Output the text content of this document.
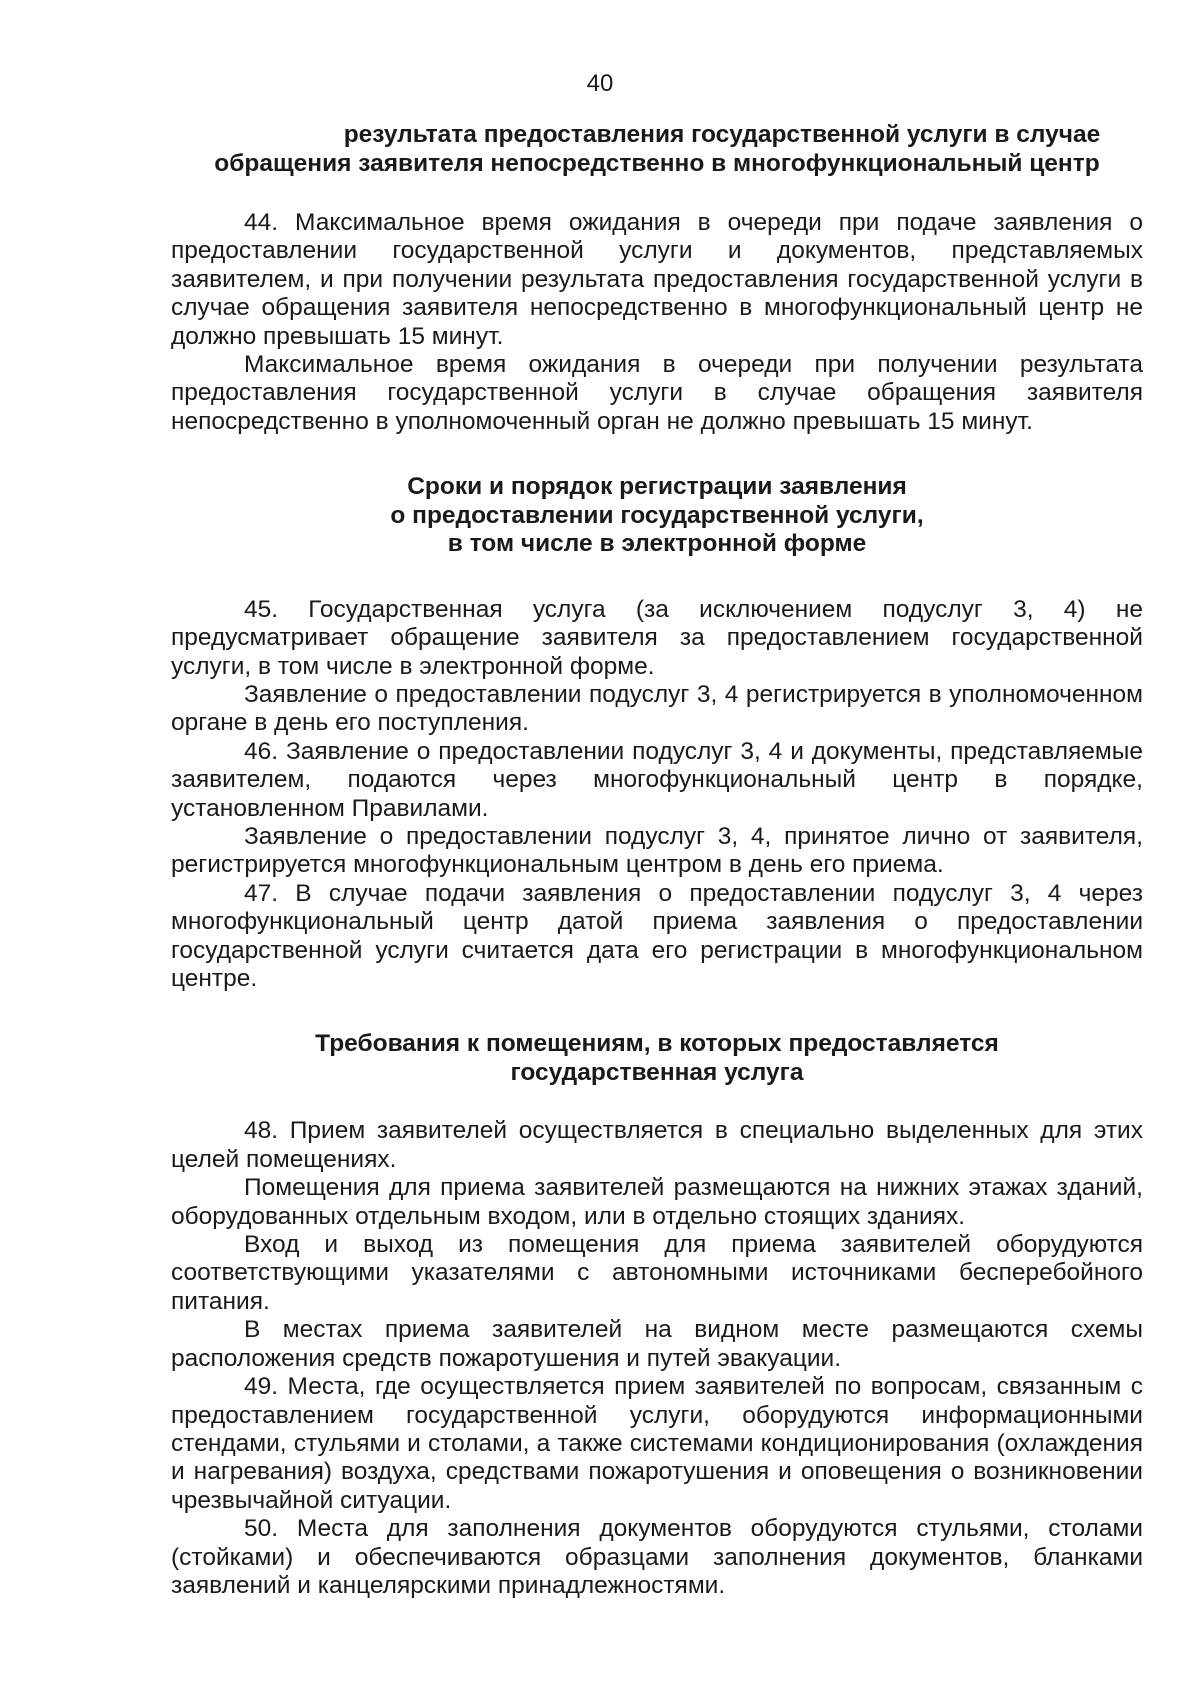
40
результата предоставления государственной услуги в случае
обращения заявителя непосредственно в многофункциональный центр

44. Максимальное время ожидания в очереди при подаче заявления о предоставлении государственной услуги и документов, представляемых заявителем, и при получении результата предоставления государственной услуги в случае обращения заявителя непосредственно в многофункциональный центр не должно превышать 15 минут.

Максимальное время ожидания в очереди при получении результата предоставления государственной услуги в случае обращения заявителя непосредственно в уполномоченный орган не должно превышать 15 минут.

Сроки и порядок регистрации заявления
о предоставлении государственной услуги,
в том числе в электронной форме

45. Государственная услуга (за исключением подуслуг 3, 4) не предусматривает обращение заявителя за предоставлением государственной услуги, в том числе в электронной форме.

Заявление о предоставлении подуслуг 3, 4 регистрируется в уполномоченном органе в день его поступления.

46. Заявление о предоставлении подуслуг 3, 4 и документы, представляемые заявителем, подаются через многофункциональный центр в порядке, установленном Правилами.

Заявление о предоставлении подуслуг 3, 4, принятое лично от заявителя, регистрируется многофункциональным центром в день его приема.

47. В случае подачи заявления о предоставлении подуслуг 3, 4 через многофункциональный центр датой приема заявления о предоставлении государственной услуги считается дата его регистрации в многофункциональном центре.

Требования к помещениям, в которых предоставляется
государственная услуга

48. Прием заявителей осуществляется в специально выделенных для этих целей помещениях.

Помещения для приема заявителей размещаются на нижних этажах зданий, оборудованных отдельным входом, или в отдельно стоящих зданиях.

Вход и выход из помещения для приема заявителей оборудуются соответствующими указателями с автономными источниками бесперебойного питания.

В местах приема заявителей на видном месте размещаются схемы расположения средств пожаротушения и путей эвакуации.

49. Места, где осуществляется прием заявителей по вопросам, связанным с предоставлением государственной услуги, оборудуются информационными стендами, стульями и столами, а также системами кондиционирования (охлаждения и нагревания) воздуха, средствами пожаротушения и оповещения о возникновении чрезвычайной ситуации.

50. Места для заполнения документов оборудуются стульями, столами (стойками) и обеспечиваются образцами заполнения документов, бланками заявлений и канцелярскими принадлежностями.
